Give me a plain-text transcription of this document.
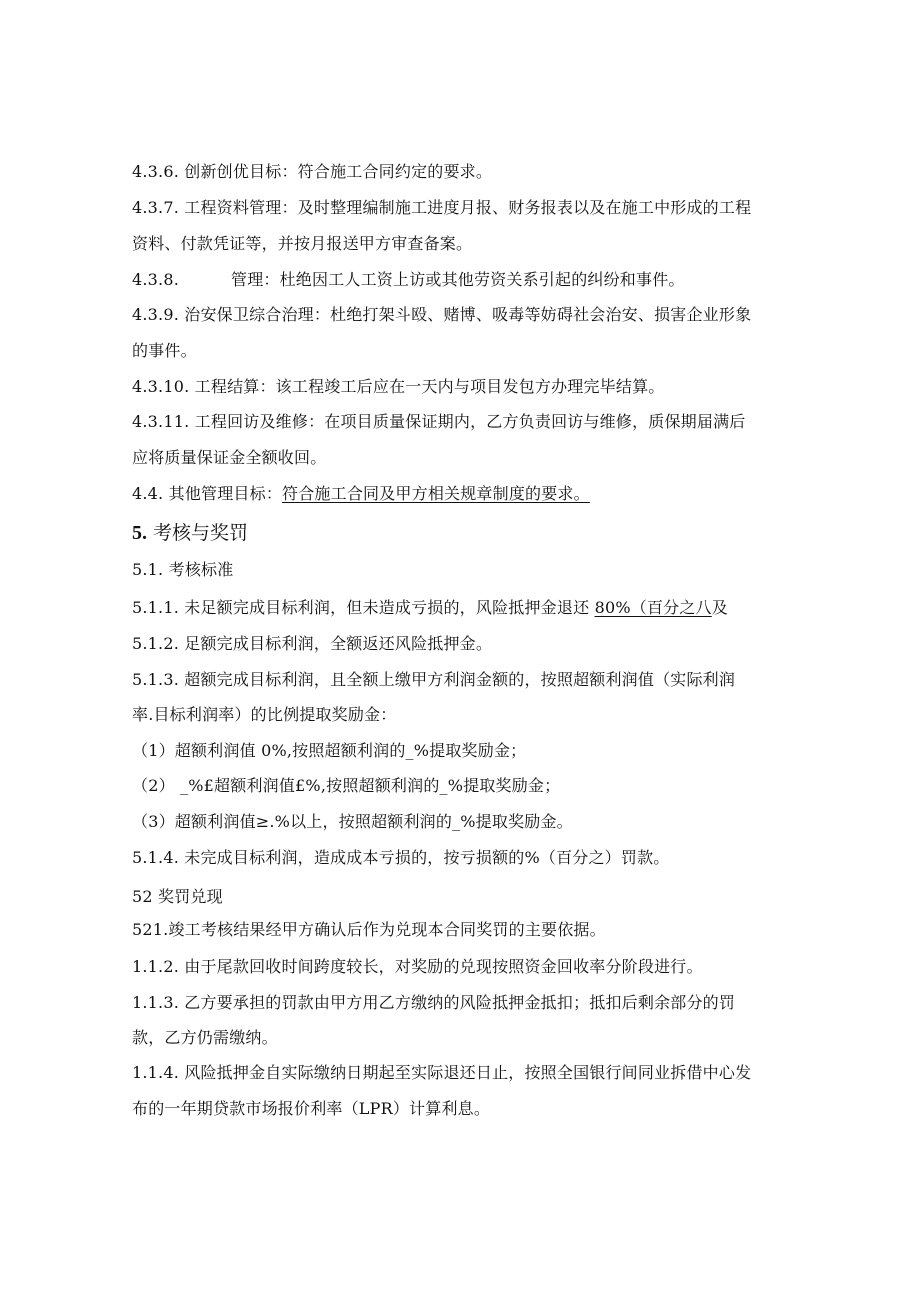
4.3.6. 创新创优目标：符合施工合同约定的要求。
4.3.7. 工程资料管理：及时整理编制施工进度月报、财务报表以及在施工中形成的工程
资料、付款凭证等，并按月报送甲方审查备案。
4.3.8.	管理：杜绝因工人工资上访或其他劳资关系引起的纠纷和事件。
4.3.9. 治安保卫综合治理：杜绝打架斗殴、赌博、吸毒等妨碍社会治安、损害企业形象
的事件。
4.3.10. 工程结算：该工程竣工后应在一天内与项目发包方办理完毕结算。
4.3.11. 工程回访及维修：在项目质量保证期内，乙方负责回访与维修，质保期届满后
应将质量保证金全额收回。
4.4. 其他管理目标：符合施工合同及甲方相关规章制度的要求。
5. 考核与奖罚
5.1. 考核标准
5.1.1. 未足额完成目标利润，但未造成亏损的，风险抵押金退还 80%（百分之八及
5.1.2. 足额完成目标利润，全额返还风险抵押金。
5.1.3. 超额完成目标利润，且全额上缴甲方利润金额的，按照超额利润值（实际利润
率.目标利润率）的比例提取奖励金：
（1）超额利润值 0%,按照超额利润的_%提取奖励金；
（2） _%£超额利润值£%,按照超额利润的_%提取奖励金；
（3）超额利润值≥.%以上，按照超额利润的_%提取奖励金。
5.1.4. 未完成目标利润，造成成本亏损的，按亏损额的%（百分之）罚款。
52 奖罚兑现
521.竣工考核结果经甲方确认后作为兑现本合同奖罚的主要依据。
1.1.2. 由于尾款回收时间跨度较长，对奖励的兑现按照资金回收率分阶段进行。
1.1.3. 乙方要承担的罚款由甲方用乙方缴纳的风险抵押金抵扣；抵扣后剩余部分的罚
款，乙方仍需缴纳。
1.1.4. 风险抵押金自实际缴纳日期起至实际退还日止，按照全国银行间同业拆借中心发
布的一年期贷款市场报价利率（LPR）计算利息。
